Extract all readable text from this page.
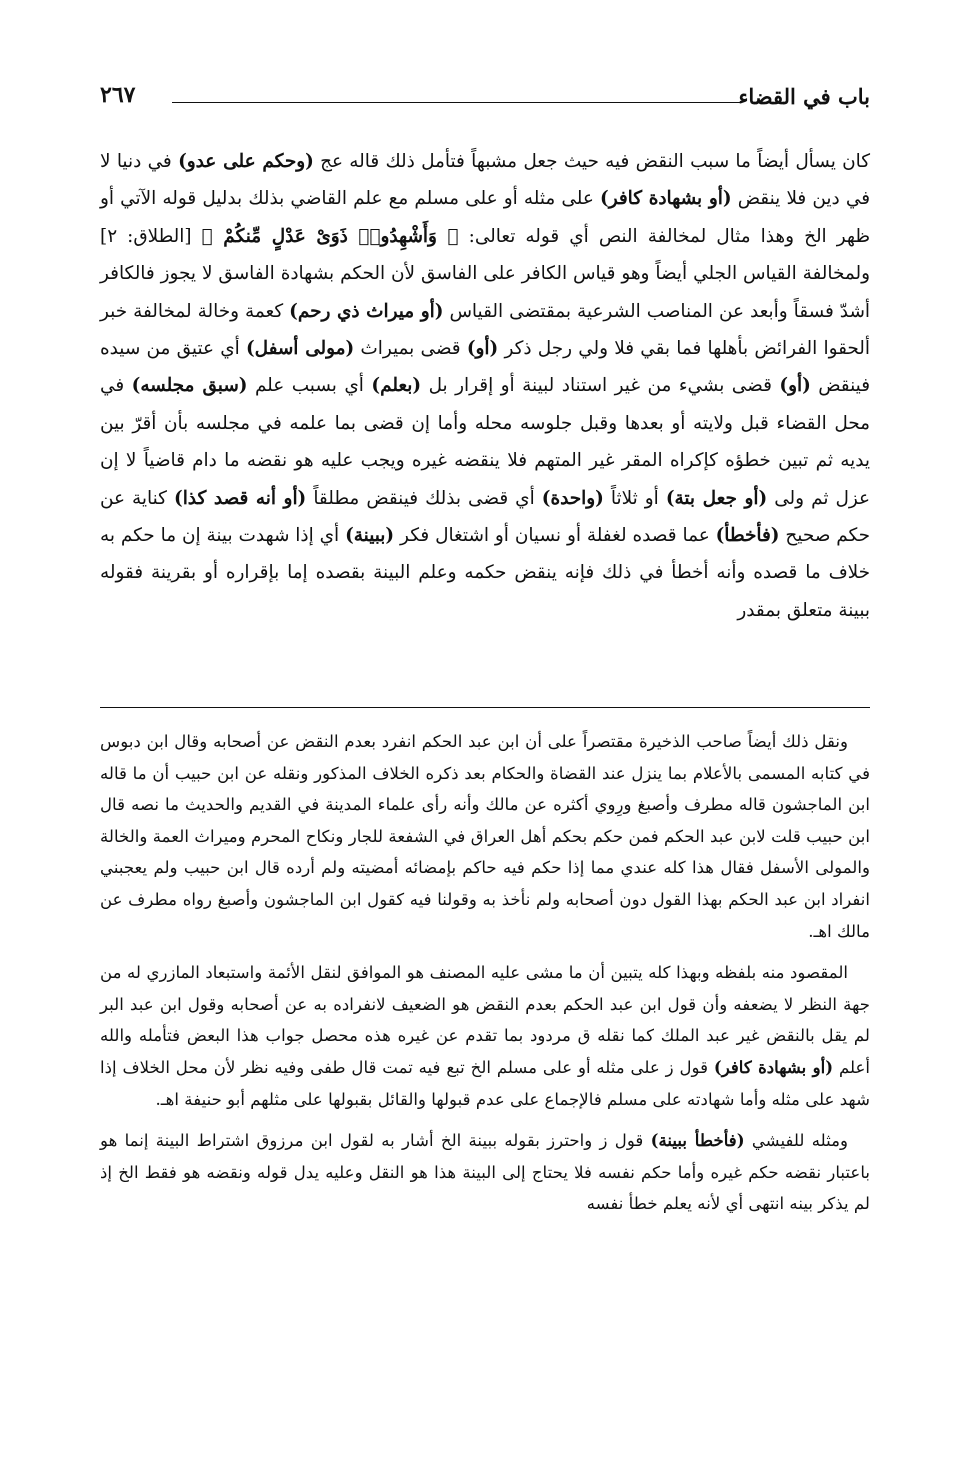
باب في القضاء
٢٦٧

كان يسأل أيضاً ما سبب النقض فيه حيث جعل مشبهاً فتأمل ذلك قاله عج (وحكم على عدو) في دنيا لا في دين فلا ينقض (أو بشهادة كافر) على مثله أو على مسلم مع علم القاضي بذلك بدليل قوله الآتي أو ظهر الخ وهذا مثال لمخالفة النص أي قوله تعالى: ﴿ وَأَشْهِدُوا۟ ذَوَىْ عَدْلٍ مِّنكُمْ ﴾ [الطلاق: ٢] ولمخالفة القياس الجلي أيضاً وهو قياس الكافر على الفاسق لأن الحكم بشهادة الفاسق لا يجوز فالكافر أشدّ فسقاً وأبعد عن المناصب الشرعية بمقتضى القياس (أو ميراث ذي رحم) كعمة وخالة لمخالفة خبر ألحقوا الفرائض بأهلها فما بقي فلا ولي رجل ذكر (أو) قضى بميراث (مولى أسفل) أي عتيق من سيده فينقض (أو) قضى بشيء من غير استناد لبينة أو إقرار بل (بعلم) أي بسبب علم (سبق مجلسه) في محل القضاء قبل ولايته أو بعدها وقبل جلوسه محله وأما إن قضى بما علمه في مجلسه بأن أقرّ بين يديه ثم تبين خطؤه كإكراه المقر غير المتهم فلا ينقضه غيره ويجب عليه هو نقضه ما دام قاضياً لا إن عزل ثم ولى (أو جعل بتة) أو ثلاثاً (واحدة) أي قضى بذلك فينقض مطلقاً (أو أنه قصد كذا) كناية عن حكم صحيح (فأخطأ) عما قصده لغفلة أو نسيان أو اشتغال فكر (ببينة) أي إذا شهدت بينة إن ما حكم به خلاف ما قصده وأنه أخطأ في ذلك فإنه ينقض حكمه وعلم البينة بقصده إما بإقراره أو بقرينة فقوله ببينة متعلق بمقدر

ونقل ذلك أيضاً صاحب الذخيرة مقتصراً على أن ابن عبد الحكم انفرد بعدم النقض عن أصحابه وقال ابن دبوس في كتابه المسمى بالأعلام بما ينزل عند القضاة والحكام بعد ذكره الخلاف المذكور ونقله عن ابن حبيب أن ما قاله ابن الماجشون قاله مطرف وأصبغ ورِوي أكثره عن مالك وأنه رأى علماء المدينة في القديم والحديث ما نصه قال ابن حبيب قلت لابن عبد الحكم فمن حكم بحكم أهل العراق في الشفعة للجار ونكاح المحرم وميراث العمة والخالة والمولى الأسفل فقال هذا كله عندي مما إذا حكم فيه حاكم بإمضائه أمضيته ولم أرده قال ابن حبيب ولم يعجبني انفراد ابن عبد الحكم بهذا القول دون أصحابه ولم نأخذ به وقولنا فيه كقول ابن الماجشون وأصبغ رواه مطرف عن مالك اهـ.

المقصود منه بلفظه وبهذا كله يتبين أن ما مشى عليه المصنف هو الموافق لنقل الأئمة واستبعاد المازري له من جهة النظر لا يضعفه وأن قول ابن عبد الحكم بعدم النقض هو الضعيف لانفراده به عن أصحابه وقول ابن عبد البر لم يقل بالنقض غير عبد الملك كما نقله ق مردود بما تقدم عن غيره هذه محصل جواب هذا البعض فتأمله والله أعلم (أو بشهادة كافر) قول ز على مثله أو على مسلم الخ تبع فيه تمت قال طفى وفيه نظر لأن محل الخلاف إذا شهد على مثله وأما شهادته على مسلم فالإجماع على عدم قبولها والقائل بقبولها على مثلهم أبو حنيفة اهـ.

ومثله للفيشي (فأخطأ ببينة) قول ز واحترز بقوله ببينة الخ أشار به لقول ابن مرزوق اشتراط البينة إنما هو باعتبار نقضه حكم غيره وأما حكم نفسه فلا يحتاج إلى البينة هذا هو النقل وعليه يدل قوله ونقضه هو فقط الخ إذ لم يذكر بينه انتهى أي لأنه يعلم خطأ نفسه
